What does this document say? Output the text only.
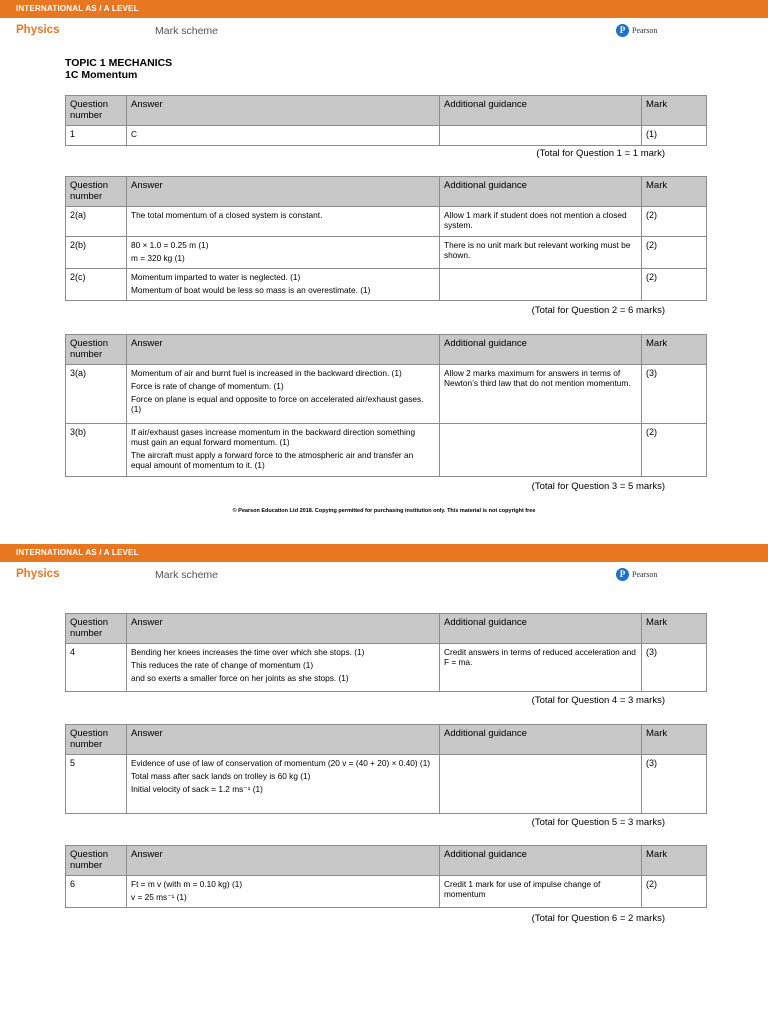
INTERNATIONAL AS / A LEVEL
Physics	Mark scheme	P Pearson
TOPIC 1 MECHANICS
1C Momentum
Question number	Answer	Additional guidance	Mark
1	C		(1)
(Total for Question 1 = 1 mark)
Question number	Answer	Additional guidance	Mark
2(a)	The total momentum of a closed system is constant.	Allow 1 mark if student does not mention a closed system.	(2)
2(b)	80 × 1.0 = 0.25 m (1)
m = 320 kg (1)	There is no unit mark but relevant working must be shown.	(2)
2(c)	Momentum imparted to water is neglected. (1)
Momentum of boat would be less so mass is an overestimate. (1)		(2)
(Total for Question 2 = 6 marks)
Question number	Answer	Additional guidance	Mark
3(a)	Momentum of air and burnt fuel is increased in the backward direction. (1)
Force is rate of change of momentum. (1)
Force on plane is equal and opposite to force on accelerated air/exhaust gases. (1)	Allow 2 marks maximum for answers in terms of Newton’s third law that do not mention momentum.	(3)
3(b)	If air/exhaust gases increase momentum in the backward direction something must gain an equal forward momentum. (1)
The aircraft must apply a forward force to the atmospheric air and transfer an equal amount of momentum to it. (1)		(2)
(Total for Question 3 = 5 marks)
© Pearson Education Ltd 2018. Copying permitted for purchasing institution only. This material is not copyright free
INTERNATIONAL AS / A LEVEL
Physics	Mark scheme	P Pearson
Question number	Answer	Additional guidance	Mark
4	Bending her knees increases the time over which she stops. (1)
This reduces the rate of change of momentum (1)
and so exerts a smaller force on her joints as she stops. (1)	Credit answers in terms of reduced acceleration and F = ma.	(3)
(Total for Question 4 = 3 marks)
Question number	Answer	Additional guidance	Mark
5	Evidence of use of law of conservation of momentum (20 v = (40 + 20) × 0.40) (1)
Total mass after sack lands on trolley is 60 kg (1)
Initial velocity of sack = 1.2 ms⁻¹ (1)		(3)
(Total for Question 5 = 3 marks)
Question number	Answer	Additional guidance	Mark
6	Ft = m v (with m = 0.10 kg) (1)
v = 25 ms⁻¹ (1)	Credit 1 mark for use of impulse change of momentum	(2)
(Total for Question 6 = 2 marks)
